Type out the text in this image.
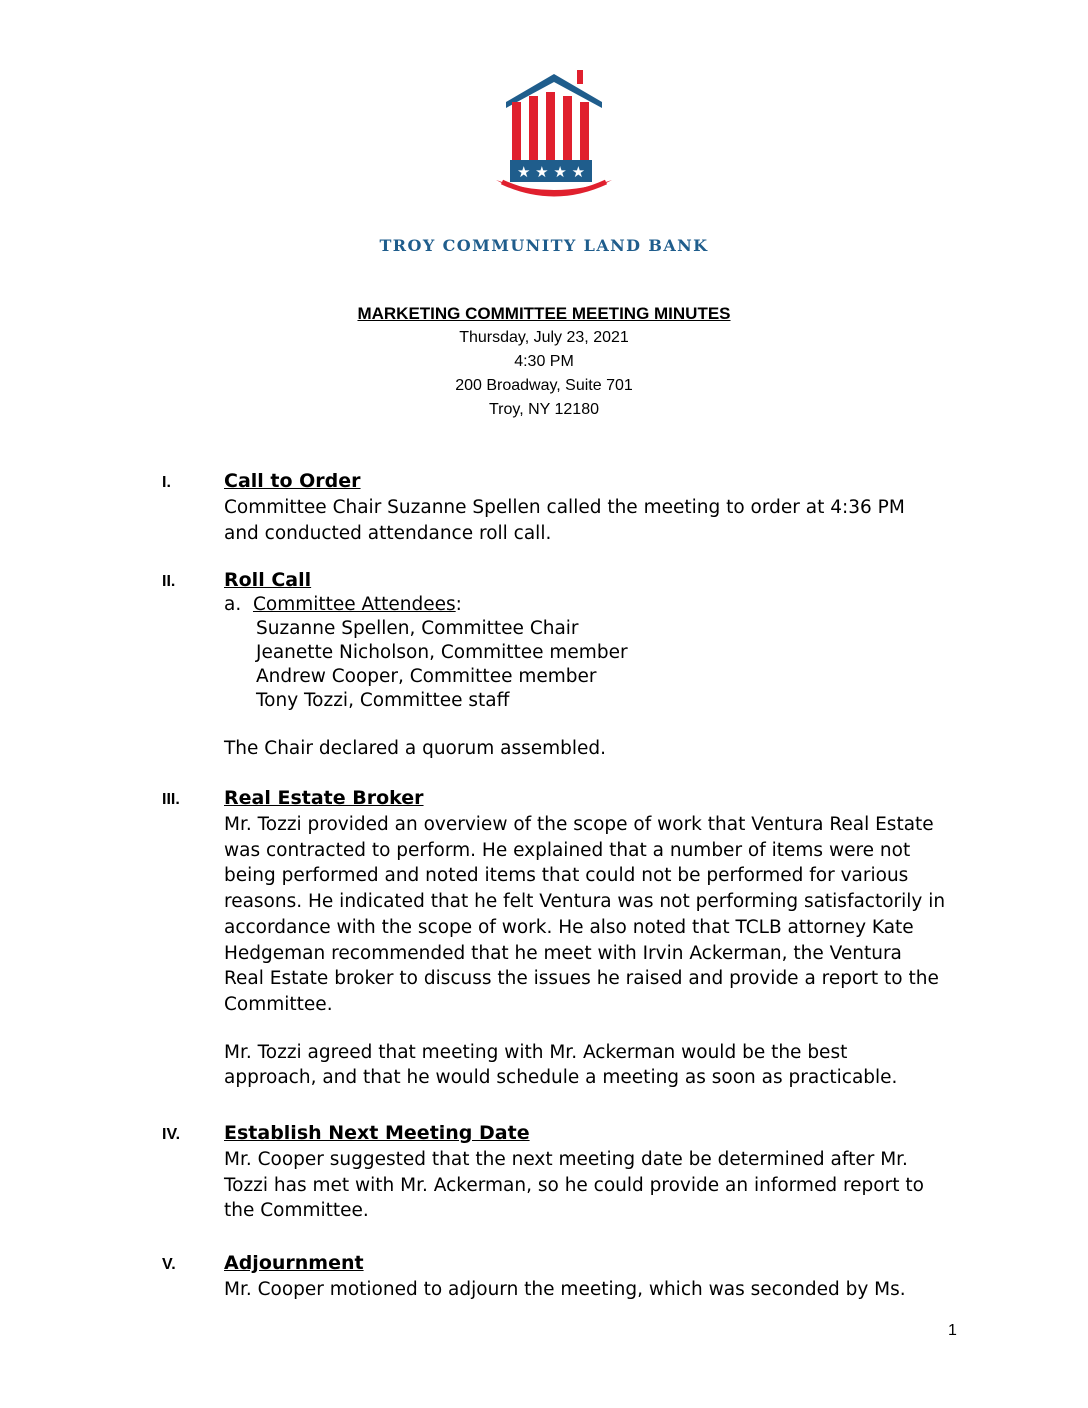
★ ★ ★ ★
TROY COMMUNITY LAND BANK
MARKETING COMMITTEE MEETING MINUTES
Thursday, July 23, 2021
4:30 PM
200 Broadway, Suite 701
Troy, NY 12180
I.	Call to Order

Committee Chair Suzanne Spellen called the meeting to order at 4:36 PM

and conducted attendance roll call.

II.	Roll Call
a. Committee Attendees:
Suzanne Spellen, Committee Chair
Jeanette Nicholson, Committee member
Andrew Cooper, Committee member
Tony Tozzi, Committee staff

The Chair declared a quorum assembled.

III. Real Estate Broker

Mr. Tozzi provided an overview of the scope of work that Ventura Real Estate

was contracted to perform. He explained that a number of items were not

being performed and noted items that could not be performed for various

reasons. He indicated that he felt Ventura was not performing satisfactorily in

accordance with the scope of work. He also noted that TCLB attorney Kate

Hedgeman recommended that he meet with Irvin Ackerman, the Ventura

Real Estate broker to discuss the issues he raised and provide a report to the

Committee.

Mr. Tozzi agreed that meeting with Mr. Ackerman would be the best

approach, and that he would schedule a meeting as soon as practicable.

IV. Establish Next Meeting Date

Mr. Cooper suggested that the next meeting date be determined after Mr.

Tozzi has met with Mr. Ackerman, so he could provide an informed report to

the Committee.

V.	Adjournment

Mr. Cooper motioned to adjourn the meeting, which was seconded by Ms.

1
